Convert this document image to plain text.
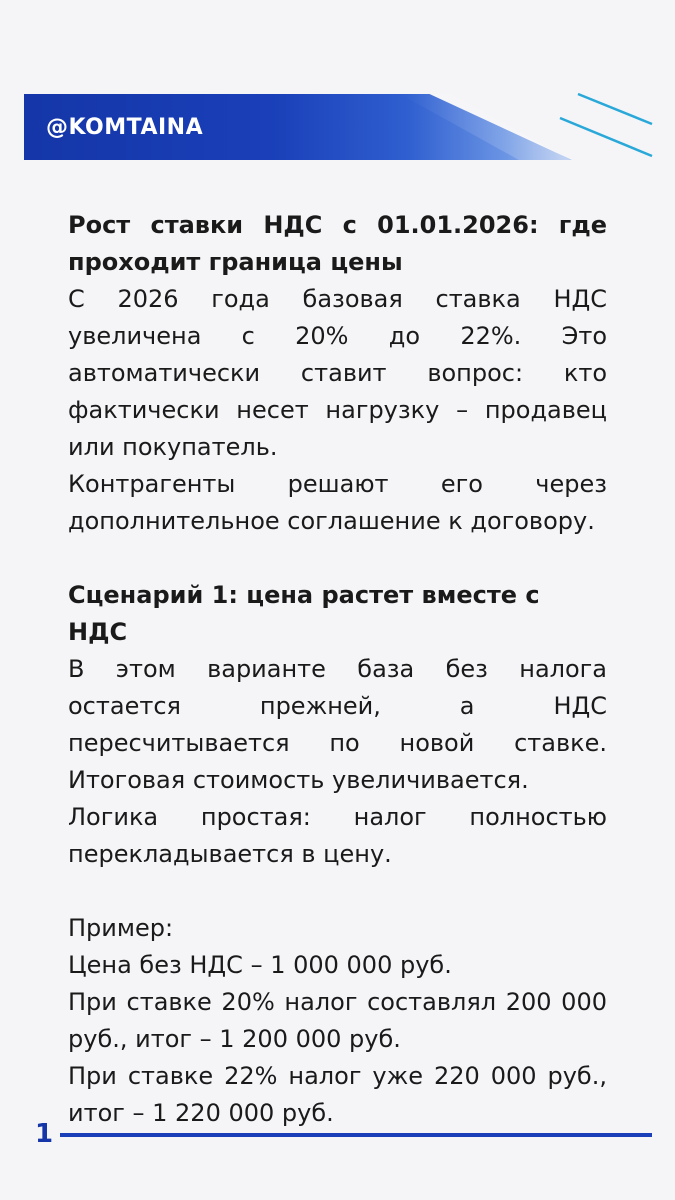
@KOMTAINA

Рост ставки НДС с 01.01.2026: где проходит граница цены

С 2026 года базовая ставка НДС увеличена с 20% до 22%. Это автоматически ставит вопрос: кто фактически несет нагрузку – продавец или покупатель.

Контрагенты решают его через дополнительное соглашение к договору.

Сценарий 1: цена растет вместе с НДС

В этом варианте база без налога остается прежней, а НДС пересчитывается по новой ставке. Итоговая стоимость увеличивается.

Логика простая: налог полностью перекладывается в цену.

Пример:

Цена без НДС – 1 000 000 руб.

При ставке 20% налог составлял 200 000 руб., итог – 1 200 000 руб.

При ставке 22% налог уже 220 000 руб., итог – 1 220 000 руб.

1
